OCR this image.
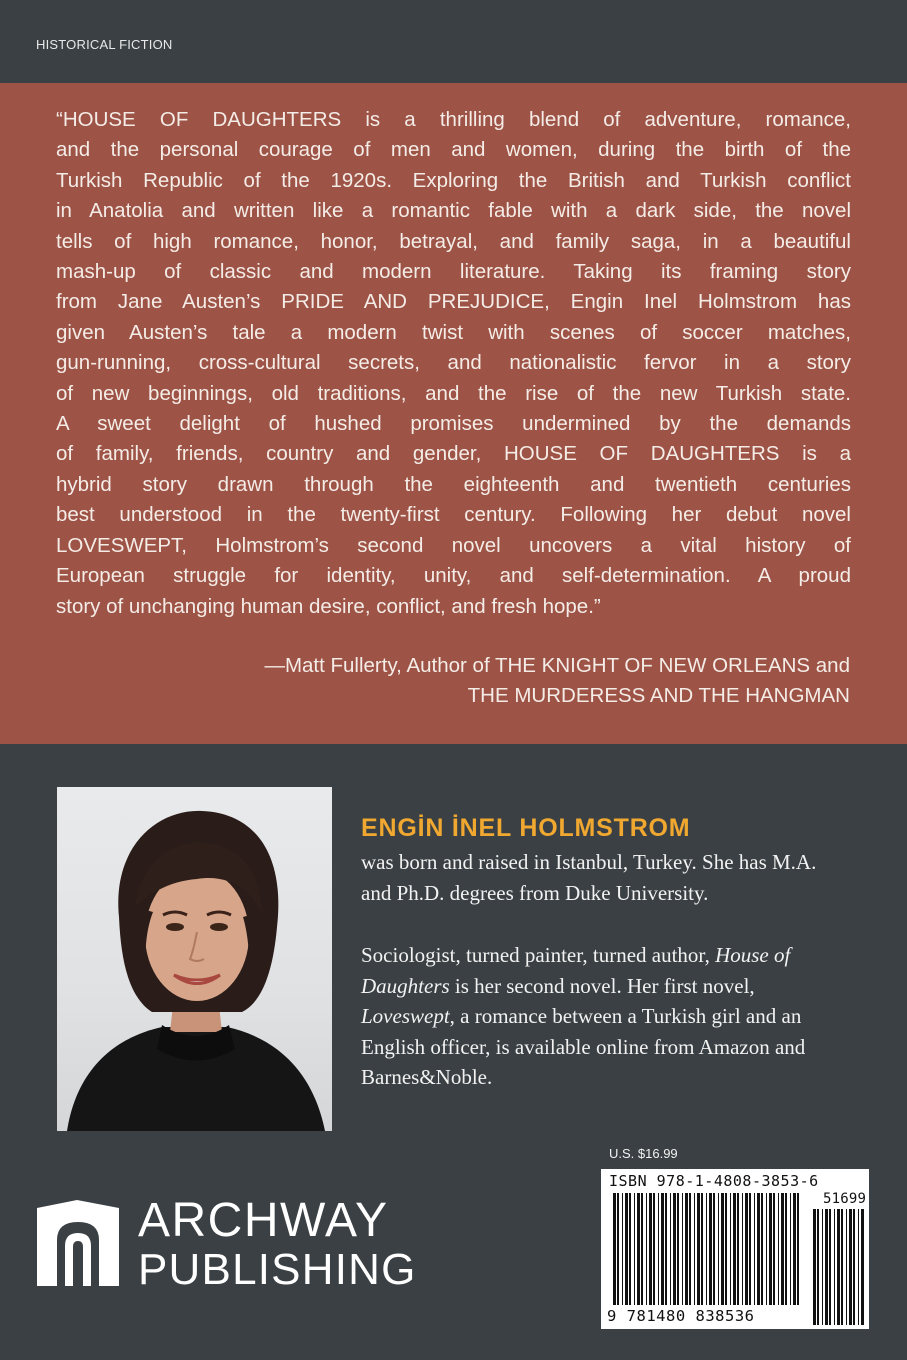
HISTORICAL FICTION
“HOUSE OF DAUGHTERS is a thrilling blend of adventure, romance,
and the personal courage of men and women, during the birth of the
Turkish Republic of the 1920s. Exploring the British and Turkish conflict
in Anatolia and written like a romantic fable with a dark side, the novel
tells of high romance, honor, betrayal, and family saga, in a beautiful
mash-up of classic and modern literature. Taking its framing story
from Jane Austen’s PRIDE AND PREJUDICE, Engin Inel Holmstrom has
given Austen’s tale a modern twist with scenes of soccer matches,
gun-running, cross-cultural secrets, and nationalistic fervor in a story
of new beginnings, old traditions, and the rise of the new Turkish state.
A sweet delight of hushed promises undermined by the demands
of family, friends, country and gender, HOUSE OF DAUGHTERS is a
hybrid story drawn through the eighteenth and twentieth centuries
best understood in the twenty-first century. Following her debut novel
LOVESWEPT, Holmstrom’s second novel uncovers a vital history of
European struggle for identity, unity, and self-determination. A proud
story of unchanging human desire, conflict, and fresh hope.”
—Matt Fullerty, Author of THE KNIGHT OF NEW ORLEANS and
THE MURDERESS AND THE HANGMAN
ENGİN İNEL HOLMSTROM
was born and raised in Istanbul, Turkey. She has M.A. and Ph.D. degrees from Duke University.
Sociologist, turned painter, turned author, House of Daughters is her second novel. Her first novel, Loveswept, a romance between a Turkish girl and an English officer, is available online from Amazon and Barnes&Noble.
U.S. $16.99
ISBN 978-1-4808-3853-6
51699
9 781480 838536
ARCHWAY
PUBLISHING
